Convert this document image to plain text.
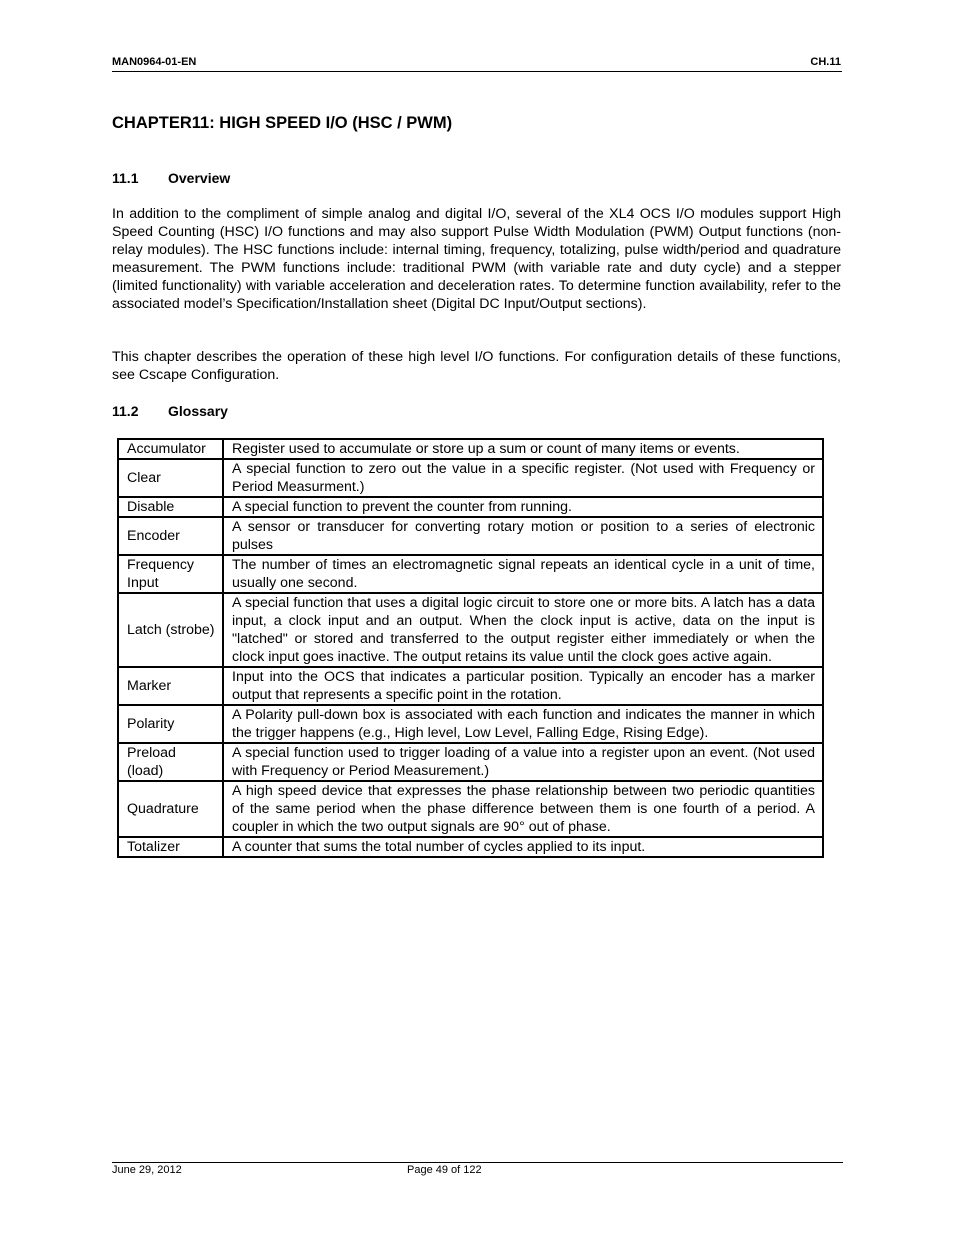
MAN0964-01-EN	CH.11
CHAPTER11: HIGH SPEED I/O (HSC / PWM)
11.1 Overview
In addition to the compliment of simple analog and digital I/O, several of the XL4 OCS I/O modules support High Speed Counting (HSC) I/O functions and may also support Pulse Width Modulation (PWM) Output functions (non-relay modules). The HSC functions include: internal timing, frequency, totalizing, pulse width/period and quadrature measurement. The PWM functions include: traditional PWM (with variable rate and duty cycle) and a stepper (limited functionality) with variable acceleration and deceleration rates. To determine function availability, refer to the associated model’s Specification/Installation sheet (Digital DC Input/Output sections).
This chapter describes the operation of these high level I/O functions. For configuration details of these functions, see Cscape Configuration.
11.2 Glossary
Accumulator	Register used to accumulate or store up a sum or count of many items or events.
Clear	A special function to zero out the value in a specific register. (Not used with Frequency or Period Measurment.)
Disable	A special function to prevent the counter from running.
Encoder	A sensor or transducer for converting rotary motion or position to a series of electronic pulses
Frequency Input	The number of times an electromagnetic signal repeats an identical cycle in a unit of time, usually one second.
Latch (strobe)	A special function that uses a digital logic circuit to store one or more bits. A latch has a data input, a clock input and an output. When the clock input is active, data on the input is "latched" or stored and transferred to the output register either immediately or when the clock input goes inactive. The output retains its value until the clock goes active again.
Marker	Input into the OCS that indicates a particular position. Typically an encoder has a marker output that represents a specific point in the rotation.
Polarity	A Polarity pull-down box is associated with each function and indicates the manner in which the trigger happens (e.g., High level, Low Level, Falling Edge, Rising Edge).
Preload (load)	A special function used to trigger loading of a value into a register upon an event. (Not used with Frequency or Period Measurement.)
Quadrature	A high speed device that expresses the phase relationship between two periodic quantities of the same period when the phase difference between them is one fourth of a period. A coupler in which the two output signals are 90° out of phase.
Totalizer	A counter that sums the total number of cycles applied to its input.
June 29, 2012	Page 49 of 122
